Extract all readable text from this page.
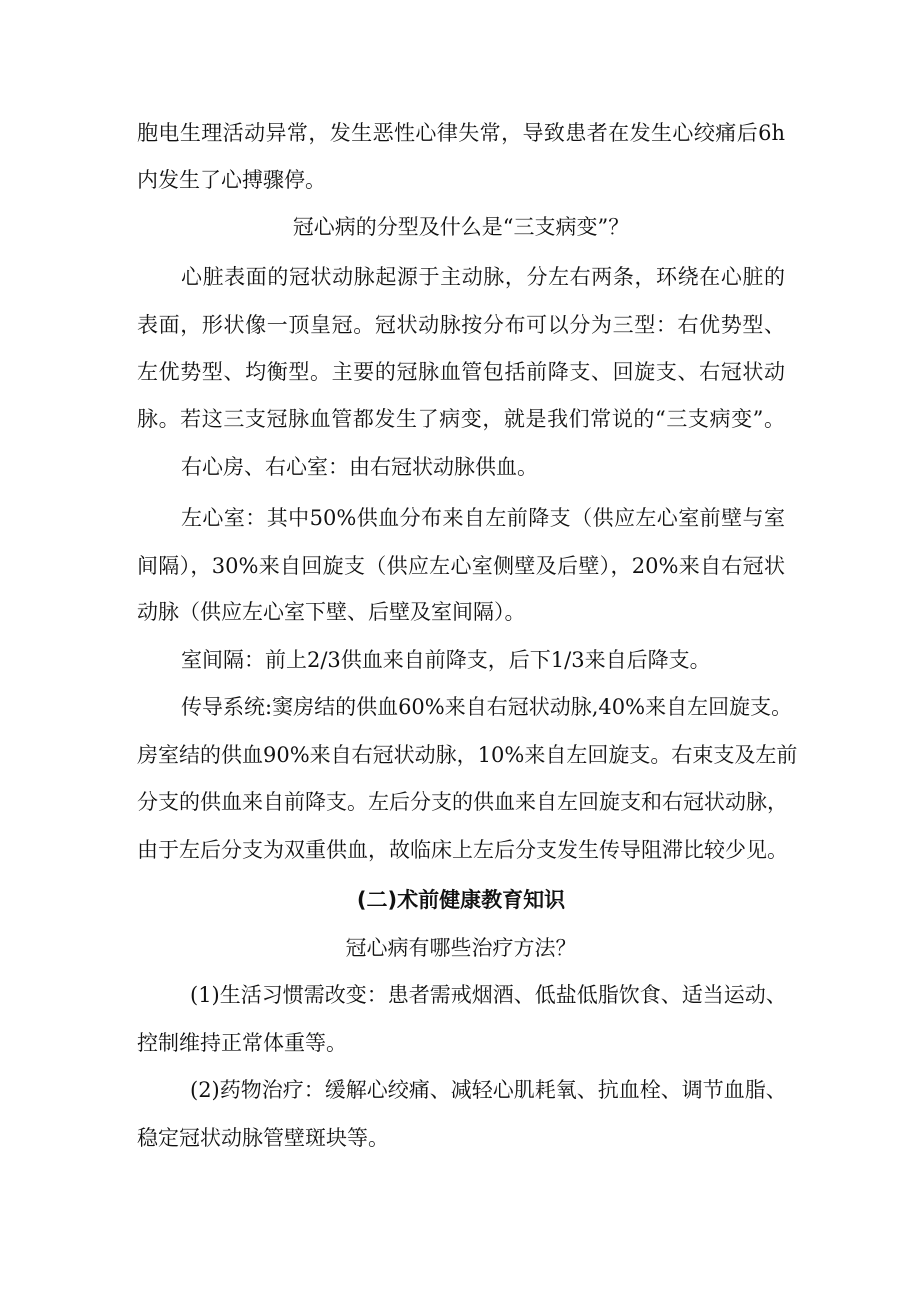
胞电生理活动异常，发生恶性心律失常，导致患者在发生心绞痛后6h
内发生了心搏骤停。
冠心病的分型及什么是“三支病变”？
心脏表面的冠状动脉起源于主动脉，分左右两条，环绕在心脏的
表面，形状像一顶皇冠。冠状动脉按分布可以分为三型：右优势型、
左优势型、均衡型。主要的冠脉血管包括前降支、回旋支、右冠状动
脉。若这三支冠脉血管都发生了病变，就是我们常说的“三支病变”。
右心房、右心室：由右冠状动脉供血。
左心室：其中50%供血分布来自左前降支（供应左心室前壁与室
间隔），30%来自回旋支（供应左心室侧壁及后壁），20%来自右冠状
动脉（供应左心室下壁、后壁及室间隔）。
室间隔：前上2/3供血来自前降支，后下1/3来自后降支。
传导系统:窦房结的供血60%来自右冠状动脉,40%来自左回旋支。
房室结的供血90%来自右冠状动脉，10%来自左回旋支。右束支及左前
分支的供血来自前降支。左后分支的供血来自左回旋支和右冠状动脉，
由于左后分支为双重供血，故临床上左后分支发生传导阻滞比较少见。
(二)术前健康教育知识
冠心病有哪些治疗方法？
(1)生活习惯需改变：患者需戒烟酒、低盐低脂饮食、适当运动、
控制维持正常体重等。
(2)药物治疗：缓解心绞痛、减轻心肌耗氧、抗血栓、调节血脂、
稳定冠状动脉管壁斑块等。
